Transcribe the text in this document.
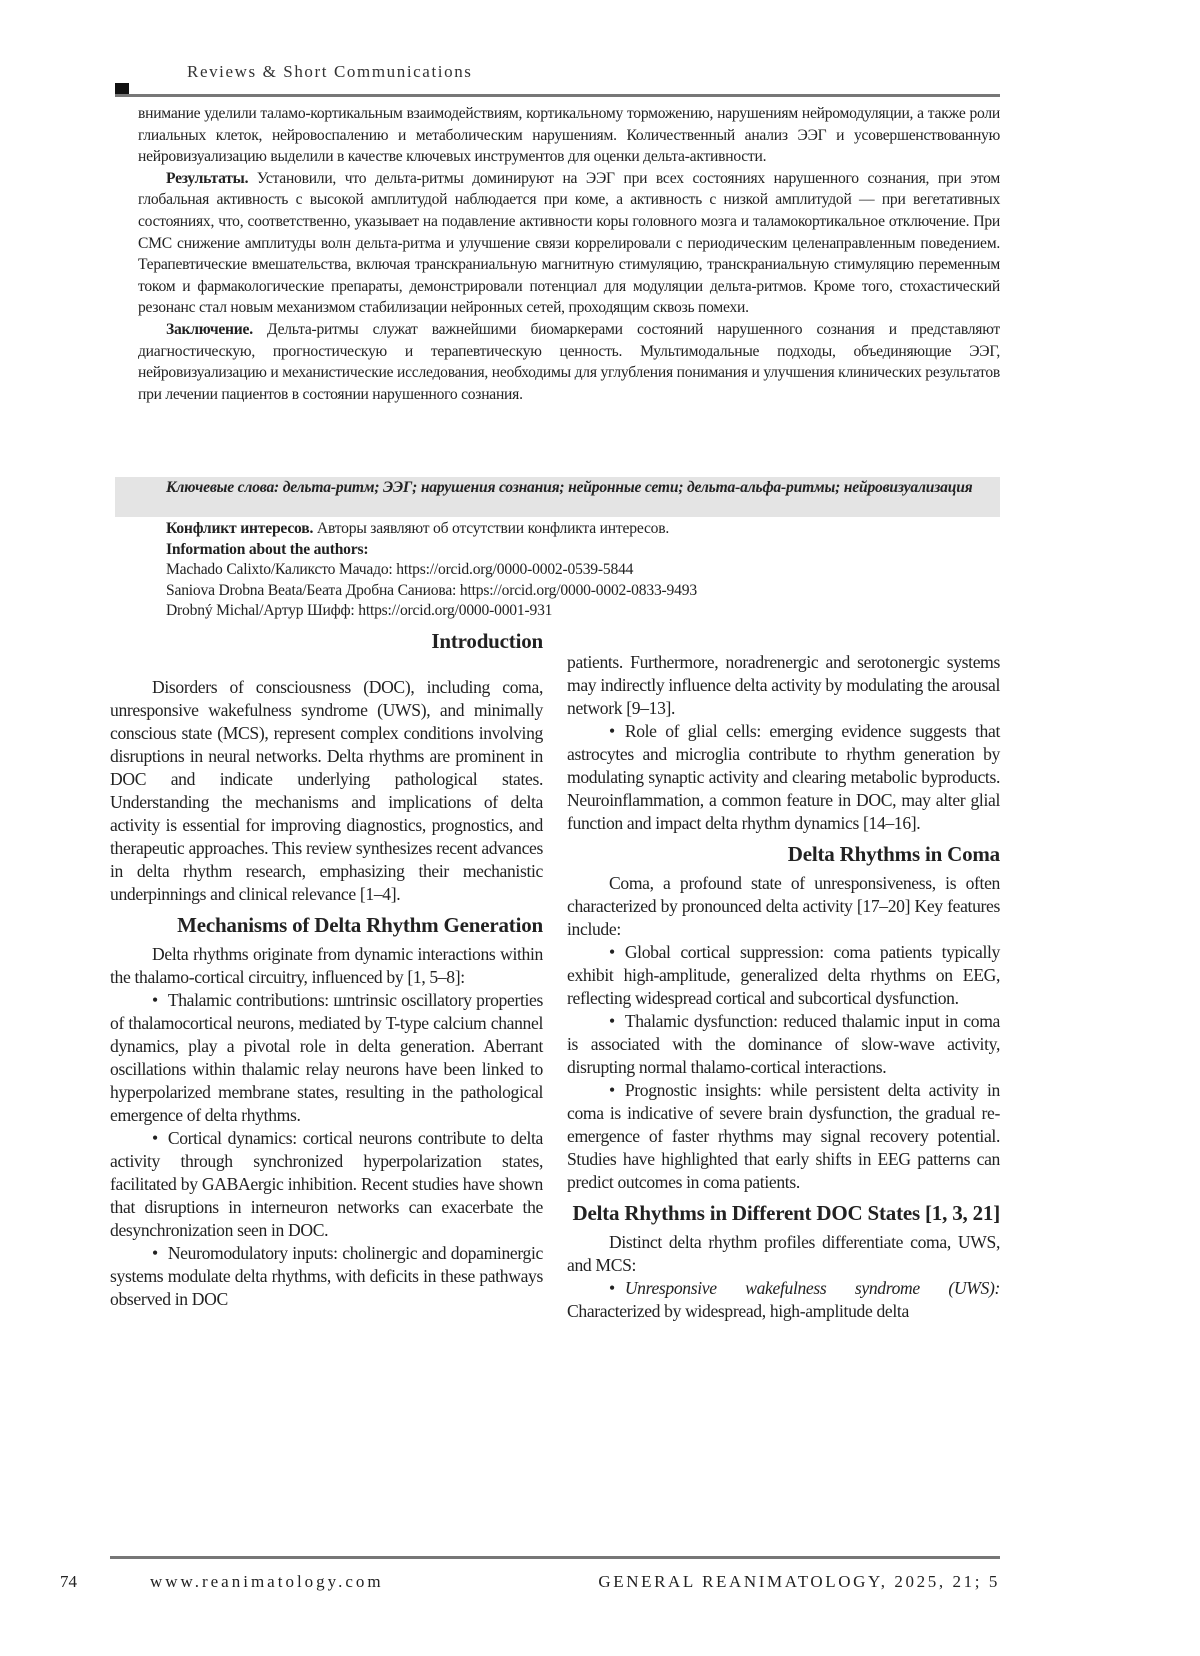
Reviews & Short Communications

внимание уделили таламо-кортикальным взаимодействиям, кортикальному торможению, нарушениям нейромодуляции, а также роли глиальных клеток, нейровоспалению и метаболическим нарушениям. Количественный анализ ЭЭГ и усовершенствованную нейровизуализацию выделили в качестве ключевых инструментов для оценки дельта-активности.

Результаты. Установили, что дельта-ритмы доминируют на ЭЭГ при всех состояниях нарушенного сознания, при этом глобальная активность с высокой амплитудой наблюдается при коме, а активность с низкой амплитудой — при вегетативных состояниях, что, соответственно, указывает на подавление активности коры головного мозга и таламокортикальное отключение. При СМС снижение амплитуды волн дельта-ритма и улучшение связи коррелировали с периодическим целенаправленным поведением. Терапевтические вмешательства, включая транскраниальную магнитную стимуляцию, транскраниальную стимуляцию переменным током и фармакологические препараты, демонстрировали потенциал для модуляции дельта-ритмов. Кроме того, стохастический резонанс стал новым механизмом стабилизации нейронных сетей, проходящим сквозь помехи.

Заключение. Дельта-ритмы служат важнейшими биомаркерами состояний нарушенного сознания и представляют диагностическую, прогностическую и терапевтическую ценность. Мультимодальные подходы, объединяющие ЭЭГ, нейровизуализацию и механистические исследования, необходимы для углубления понимания и улучшения клинических результатов при лечении пациентов в состоянии нарушенного сознания.

Ключевые слова: дельта-ритм; ЭЭГ; нарушения сознания; нейронные сети; дельта-альфа-ритмы; нейровизуализация
Конфликт интересов. Авторы заявляют об отсутствии конфликта интересов.
Information about the authors:
Machado Calixto/Каликсто Мачадо: https://orcid.org/0000-0002-0539-5844
Saniova Drobna Beata/Беата Дробна Саниова: https://orcid.org/0000-0002-0833-9493
Drobný Michal/Артур Шифф: https://orcid.org/0000-0001-931
Introduction

Disorders of consciousness (DOC), including coma, unresponsive wakefulness syndrome (UWS), and minimally conscious state (MCS), represent complex conditions involving disruptions in neural networks. Delta rhythms are prominent in DOC and indicate underlying pathological states. Understanding the mechanisms and implications of delta activity is essential for improving diagnostics, prognostics, and therapeutic approaches. This review synthesizes recent advances in delta rhythm research, emphasizing their mechanistic underpinnings and clinical relevance [1–4].

Mechanisms of Delta Rhythm Generation

Delta rhythms originate from dynamic interactions within the thalamo-cortical circuitry, influenced by [1, 5–8]:

• Thalamic contributions: шntrinsic oscillatory properties of thalamocortical neurons, mediated by T-type calcium channel dynamics, play a pivotal role in delta generation. Aberrant oscillations within thalamic relay neurons have been linked to hyperpolarized membrane states, resulting in the pathological emergence of delta rhythms.

• Cortical dynamics: cortical neurons contribute to delta activity through synchronized hyperpolarization states, facilitated by GABAergic inhibition. Recent studies have shown that disruptions in interneuron networks can exacerbate the desynchronization seen in DOC.

• Neuromodulatory inputs: cholinergic and dopaminergic systems modulate delta rhythms, with deficits in these pathways observed in DOC

patients. Furthermore, noradrenergic and serotonergic systems may indirectly influence delta activity by modulating the arousal network [9–13].

• Role of glial cells: emerging evidence suggests that astrocytes and microglia contribute to rhythm generation by modulating synaptic activity and clearing metabolic byproducts. Neuroinflammation, a common feature in DOC, may alter glial function and impact delta rhythm dynamics [14–16].

Delta Rhythms in Coma

Coma, a profound state of unresponsiveness, is often characterized by pronounced delta activity [17–20] Key features include:

• Global cortical suppression: coma patients typically exhibit high-amplitude, generalized delta rhythms on EEG, reflecting widespread cortical and subcortical dysfunction.

• Thalamic dysfunction: reduced thalamic input in coma is associated with the dominance of slow-wave activity, disrupting normal thalamo-cortical interactions.

• Prognostic insights: while persistent delta activity in coma is indicative of severe brain dysfunction, the gradual re-emergence of faster rhythms may signal recovery potential. Studies have highlighted that early shifts in EEG patterns can predict outcomes in coma patients.

Delta Rhythms in Different DOC States [1, 3, 21]

Distinct delta rhythm profiles differentiate coma, UWS, and MCS:

• Unresponsive wakefulness syndrome (UWS): Characterized by widespread, high-amplitude delta

74	www.reanimatology.com	GENERAL REANIMATOLOGY, 2025, 21; 5
